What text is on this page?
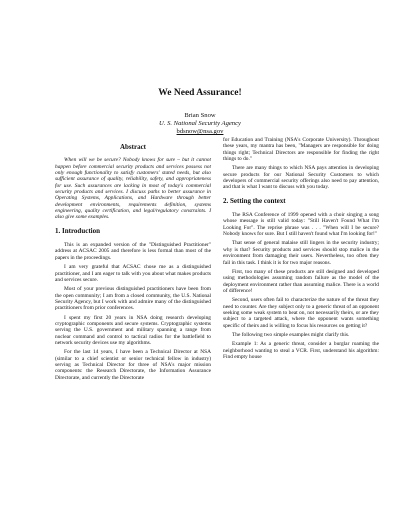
We Need Assurance!
Brian Snow
U. S. National Security Agency
bdsnow@nsa.gov
Abstract

When will we be secure? Nobody knows for sure – but it cannot happen before commercial security products and services possess not only enough functionality to satisfy customers' stated needs, but also sufficient assurance of quality, reliability, safety, and appropriateness for use. Such assurances are lacking in most of today's commercial security products and services. I discuss paths to better assurance in Operating Systems, Applications, and Hardware through better development environments, requirements definition, systems engineering, quality certification, and legal/regulatory constraints. I also give some examples.

1. Introduction

This is an expanded version of the "Distinguished Practitioner" address at ACSAC 2005 and therefore is less formal than most of the papers in the proceedings.

I am very grateful that ACSAC chose me as a distinguished practitioner, and I am eager to talk with you about what makes products and services secure.

Most of your previous distinguished practitioners have been from the open community; I am from a closed community, the U.S. National Security Agency, but I work with and admire many of the distinguished practitioners from prior conferences.

I spent my first 20 years in NSA doing research developing cryptographic components and secure systems. Cryptographic systems serving the U.S. government and military spanning a range from nuclear command and control to tactical radios for the battlefield to network security devices use my algorithms.

For the last 14 years, I have been a Technical Director at NSA (similar to a chief scientist or senior technical fellow in industry) serving as Technical Director for three of NSA's major mission components: the Research Directorate, the Information Assurance Directorate, and currently the Directorate

for Education and Training (NSA's Corporate University). Throughout these years, my mantra has been, "Managers are responsible for doing things right; Technical Directors are responsible for finding the right things to do."

There are many things to which NSA pays attention in developing secure products for our National Security Customers to which developers of commercial security offerings also need to pay attention, and that is what I want to discuss with you today.

2. Setting the context

The RSA Conference of 1999 opened with a choir singing a song whose message is still valid today: "Still Haven't Found What I'm Looking For". The reprise phrase was . . . "When will I be secure? Nobody knows for sure. But I still haven't found what I'm looking for!"

That sense of general malaise still lingers in the security industry; why is that? Security products and services should stop malice in the environment from damaging their users. Nevertheless, too often they fail in this task. I think it is for two major reasons.

First, too many of these products are still designed and developed using methodologies assuming random failure as the model of the deployment environment rather than assuming malice. There is a world of difference!

Second, users often fail to characterize the nature of the threat they need to counter. Are they subject only to a generic threat of an opponent seeking some weak system to beat on, not necessarily theirs, or are they subject to a targeted attack, where the opponent wants something specific of theirs and is willing to focus his resources on getting it?

The following two simple examples might clarify this.

Example 1: As a generic threat, consider a burglar roaming the neighborhood wanting to steal a VCR. First, understand his algorithm: Find empty house
